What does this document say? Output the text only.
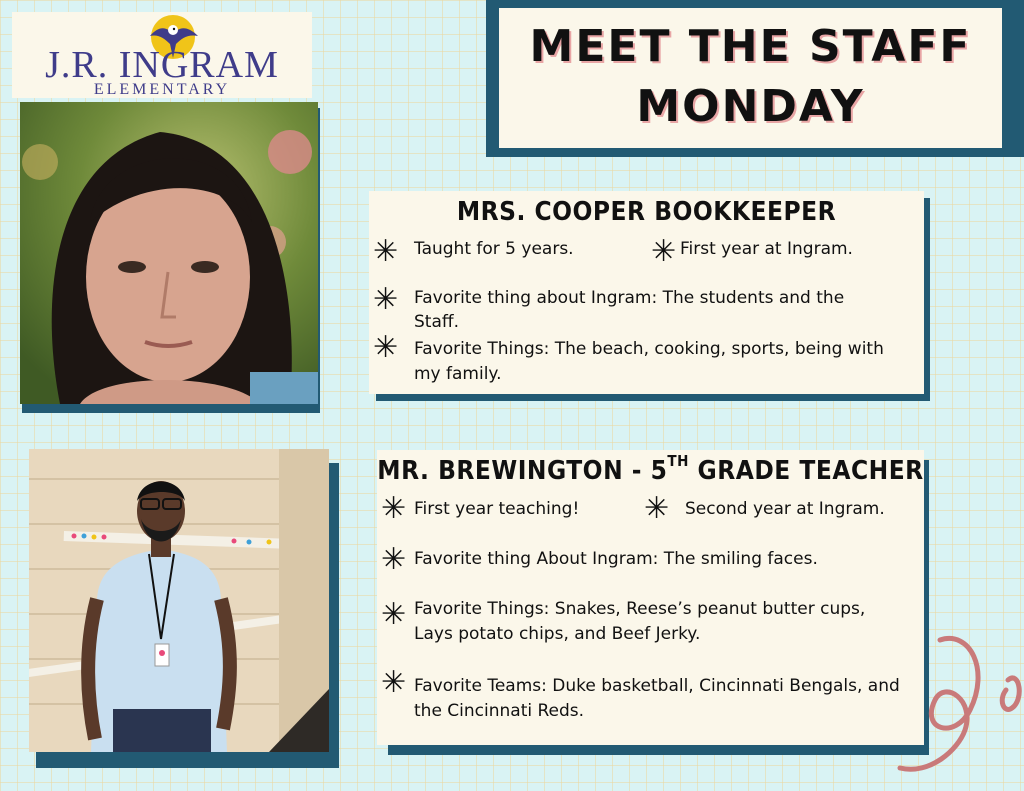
J.R. INGRAM
ELEMENTARY
MEET THE STAFF
MONDAY
MRS. COOPER BOOKKEEPER
✳ Taught for 5 years.	✳ First year at Ingram.
✳ Favorite thing about Ingram: The students and the
Staff.
✳ Favorite Things: The beach, cooking, sports, being with
my family.
MR. BREWINGTON - 5TH GRADE TEACHER
✳ First year teaching! ✳ Second year at Ingram.
✳ Favorite thing About Ingram: The smiling faces.
✳ Favorite Things: Snakes, Reese’s peanut butter cups,
Lays potato chips, and Beef Jerky.
✳ Favorite Teams: Duke basketball, Cincinnati Bengals, and
the Cincinnati Reds.
